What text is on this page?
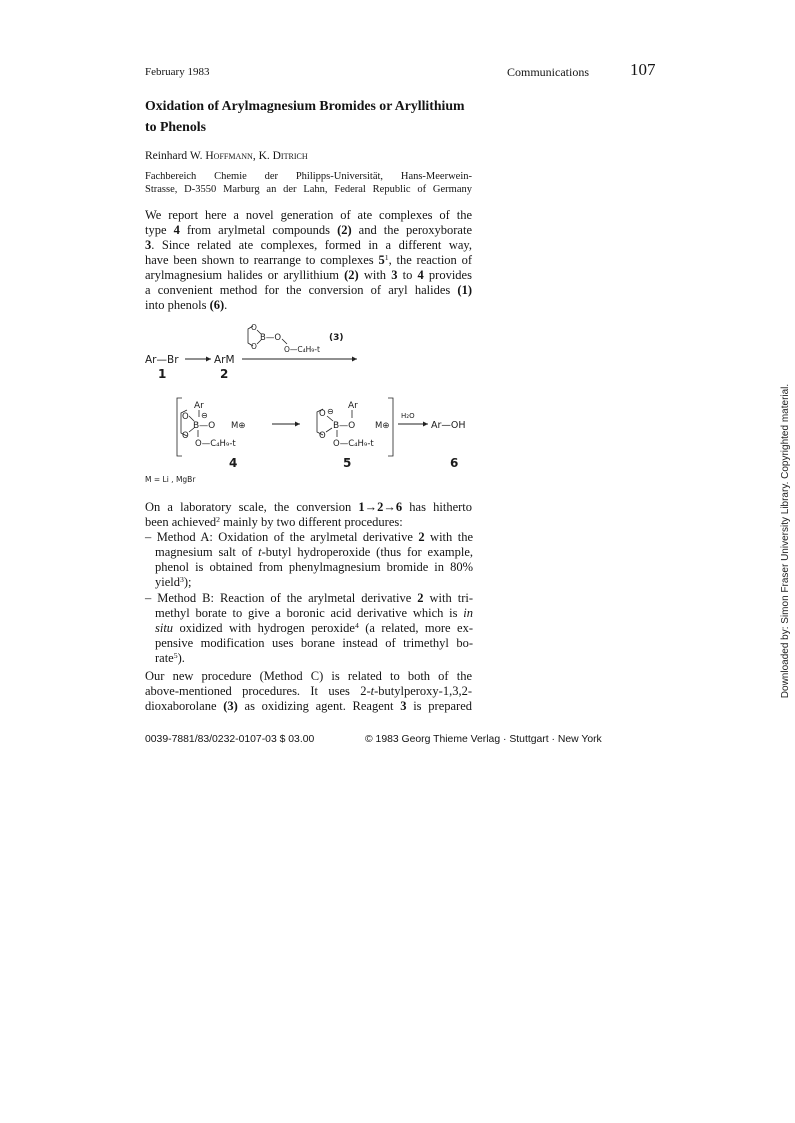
February 1983	Communications 107
Oxidation of Arylmagnesium Bromides or Aryllithium
to Phenols
Reinhard W. Hoffmann, K. Ditrich
Fachbereich Chemie der Philipps-Universität, Hans-Meerwein-
Strasse, D-3550 Marburg an der Lahn, Federal Republic of Germany
We report here a novel generation of ate complexes of the
type 4 from arylmetal compounds (2) and the peroxyborate
3. Since related ate complexes, formed in a different way,
have been shown to rearrange to complexes $5^1$, the reaction of
arylmagnesium halides or aryllithium (2) with 3 to 4 provides
a convenient method for the conversion of aryl halides (1)
into phenols (6).
O
B—O
O	O—C₄H₉-t
(3)
Ar—Br	ArM
1	2
Ar
⊖
O
B—O
O
O—C₄H₉-t
M⊕
Ar
O ⊖
B—O
O
O—C₄H₉-t
M⊕
H₂O
Ar—OH
4	5	6
M = Li , MgBr
On a laboratory scale, the conversion 1→2→6 has hitherto
been achieved$^2$ mainly by two different procedures:
– Method A: Oxidation of the arylmetal derivative 2 with the
magnesium salt of t-butyl hydroperoxide (thus for example,
phenol is obtained from phenylmagnesium bromide in 80%
yield$^3$);
– Method B: Reaction of the arylmetal derivative 2 with tri-
methyl borate to give a boronic acid derivative which is in
situ oxidized with hydrogen peroxide$^4$ (a related, more ex-
pensive modification uses borane instead of trimethyl bo-
rate$^5$).
Our new procedure (Method C) is related to both of the
above-mentioned procedures. It uses 2-t-butylperoxy-1,3,2-
dioxaborolane (3) as oxidizing agent. Reagent 3 is prepared
0039-7881/83/0232-0107-03 $ 03.00	© 1983 Georg Thieme Verlag · Stuttgart · New York
Downloaded by: Simon Fraser University Library. Copyrighted material.
